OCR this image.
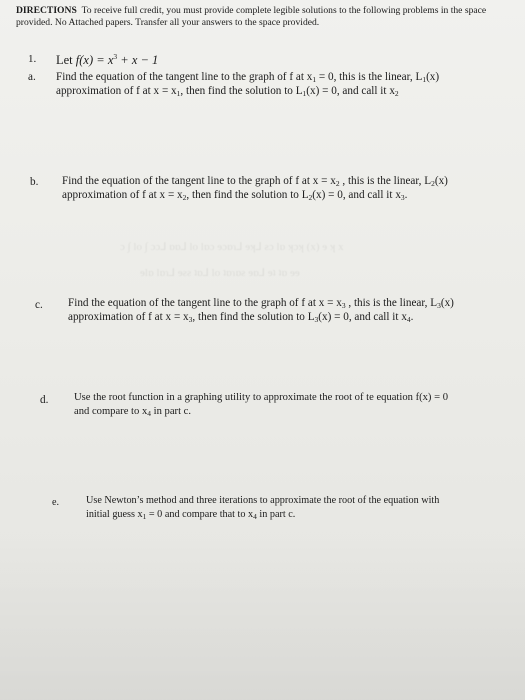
ɔ ∫ lo ∫ ɔɔ⅃ ɒɒ⅃ lo lɒɔ ɘɔɒɿ⅃ ɘʞ⅃ ƨɔ lɒ ʞɔʞ (x) ɘ ʞ x
ɘlɒ lɒɿ⅃ ɘƨƨ ʇɒ⅃ lo ʇɒɿɒƨ ɘɒ⅃ ɘʇ ʇɒ ɘɘ
DIRECTIONS To receive full credit, you must provide complete legible solutions to the following problems in the space provided. No Attached papers. Transfer all your answers to the space provided.
1. Let $f(x) = x^3 + x - 1$
a. Find the equation of the tangent line to the graph of f at $x_1 = 0$, this is the linear, $L_1(x)$
approximation of f at $x = x_1$, then find the solution to $L_1(x) = 0$, and call it $x_2$
b. Find the equation of the tangent line to the graph of f at $x = x_2$ , this is the linear, $L_2(x)$
approximation of f at $x = x_2$, then find the solution to $L_2(x) = 0$, and call it $x_3$.
c. Find the equation of the tangent line to the graph of f at $x = x_3$ , this is the linear, $L_3(x)$
approximation of f at $x = x_3$, then find the solution to $L_3(x) = 0$, and call it $x_4$.
d. Use the root function in a graphing utility to approximate the root of te equation f(x) = 0
and compare to $x_4$ in part c.
e.	Use Newton’s method and three iterations to approximate the root of the equation with
initial guess $x_1 = 0$ and compare that to $x_4$ in part c.
